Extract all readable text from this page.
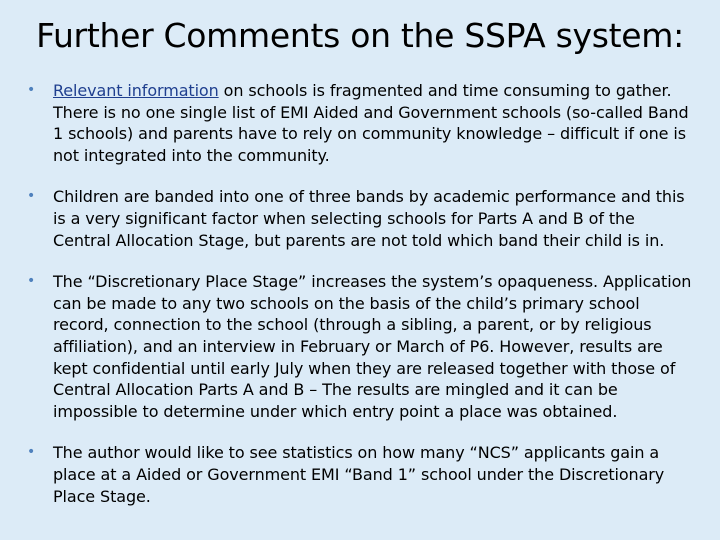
Further Comments on the SSPA system:
• Relevant information on schools is fragmented and time consuming to gather. There is no one single list of EMI Aided and Government schools (so-called Band 1 schools) and parents have to rely on community knowledge – difficult if one is not integrated into the community.
• Children are banded into one of three bands by academic performance and this is a very significant factor when selecting schools for Parts A and B of the Central Allocation Stage, but parents are not told which band their child is in.
• The “Discretionary Place Stage” increases the system’s opaqueness. Application can be made to any two schools on the basis of the child’s primary school record, connection to the school (through a sibling, a parent, or by religious affiliation), and an interview in February or March of P6. However, results are kept confidential until early July when they are released together with those of Central Allocation Parts A and B – The results are mingled and it can be impossible to determine under which entry point a place was obtained.
• The author would like to see statistics on how many “NCS” applicants gain a place at a Aided or Government EMI “Band 1” school under the Discretionary Place Stage.
